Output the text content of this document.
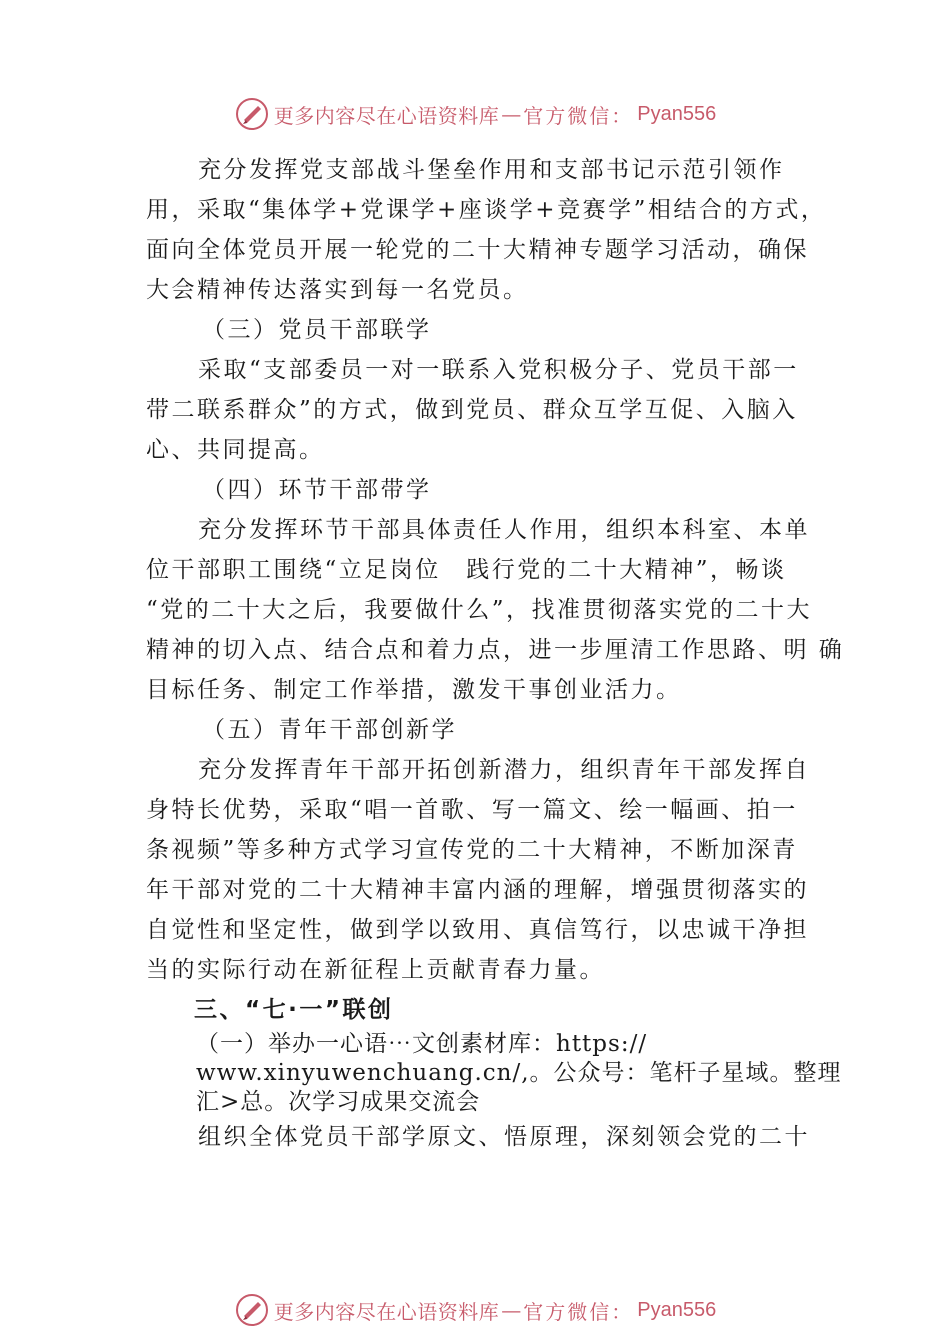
更多内容尽在心语资料库 — 官方微信： Pyan556
充分发挥党支部战斗堡垒作用和支部书记示范引领作
用，采取“集体学+党课学+座谈学+竞赛学”相结合的方式，
面向全体党员开展一轮党的二十大精神专题学习活动，确保
大会精神传达落实到每一名党员。
（三）党员干部联学
采取“支部委员一对一联系入党积极分子、党员干部一
带二联系群众”的方式，做到党员、群众互学互促、入脑入
心、共同提高。
（四）环节干部带学
充分发挥环节干部具体责任人作用，组织本科室、本单
位干部职工围绕“立足岗位　践行党的二十大精神”，畅谈
“党的二十大之后，我要做什么”，找准贯彻落实党的二十大
精神的切入点、结合点和着力点，进一步厘清工作思路、明 确
目标任务、制定工作举措，激发干事创业活力。
（五）青年干部创新学
充分发挥青年干部开拓创新潜力，组织青年干部发挥自
身特长优势，采取“唱一首歌、写一篇文、绘一幅画、拍一
条视频”等多种方式学习宣传党的二十大精神，不断加深青
年干部对党的二十大精神丰富内涵的理解，增强贯彻落实的
自觉性和坚定性，做到学以致用、真信笃行，以忠诚干净担
当的实际行动在新征程上贡献青春力量。
三、“七·一”联创
（一）举办一心语⋯文创素材库：https://
www.xinyuwenchuang.cn/,。公众号：笔杆子星域。整理
汇>总。次学习成果交流会
组织全体党员干部学原文、悟原理，深刻领会党的二十
更多内容尽在心语资料库 — 官方微信： Pyan556
